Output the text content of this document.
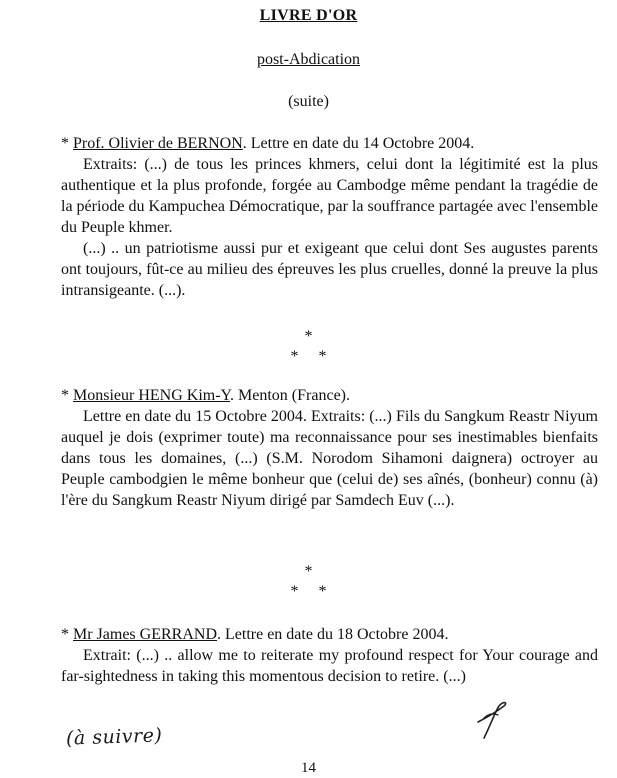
LIVRE D'OR
post-Abdication
(suite)

* Prof. Olivier de BERNON. Lettre en date du 14 Octobre 2004.

Extraits: (...) de tous les princes khmers, celui dont la légitimité est la plus authentique et la plus profonde, forgée au Cambodge même pendant la tragédie de la période du Kampuchea Démocratique, par la souffrance partagée avec l'ensemble du Peuple khmer.

(...) .. un patriotisme aussi pur et exigeant que celui dont Ses augustes parents ont toujours, fût-ce au milieu des épreuves les plus cruelles, donné la preuve la plus intransigeante. (...).

*
* *

* Monsieur HENG Kim-Y. Menton (France).

Lettre en date du 15 Octobre 2004. Extraits: (...) Fils du Sangkum Reastr Niyum auquel je dois (exprimer toute) ma reconnaissance pour ses inestimables bienfaits dans tous les domaines, (...) (S.M. Norodom Sihamoni daignera) octroyer au Peuple cambodgien le même bonheur que (celui de) ses aînés, (bonheur) connu (à) l'ère du Sangkum Reastr Niyum dirigé par Samdech Euv (...).

*
* *

* Mr James GERRAND. Lettre en date du 18 Octobre 2004.

Extrait: (...) .. allow me to reiterate my profound respect for Your courage and far-sightedness in taking this momentous decision to retire. (...)

(à suivre)
14
